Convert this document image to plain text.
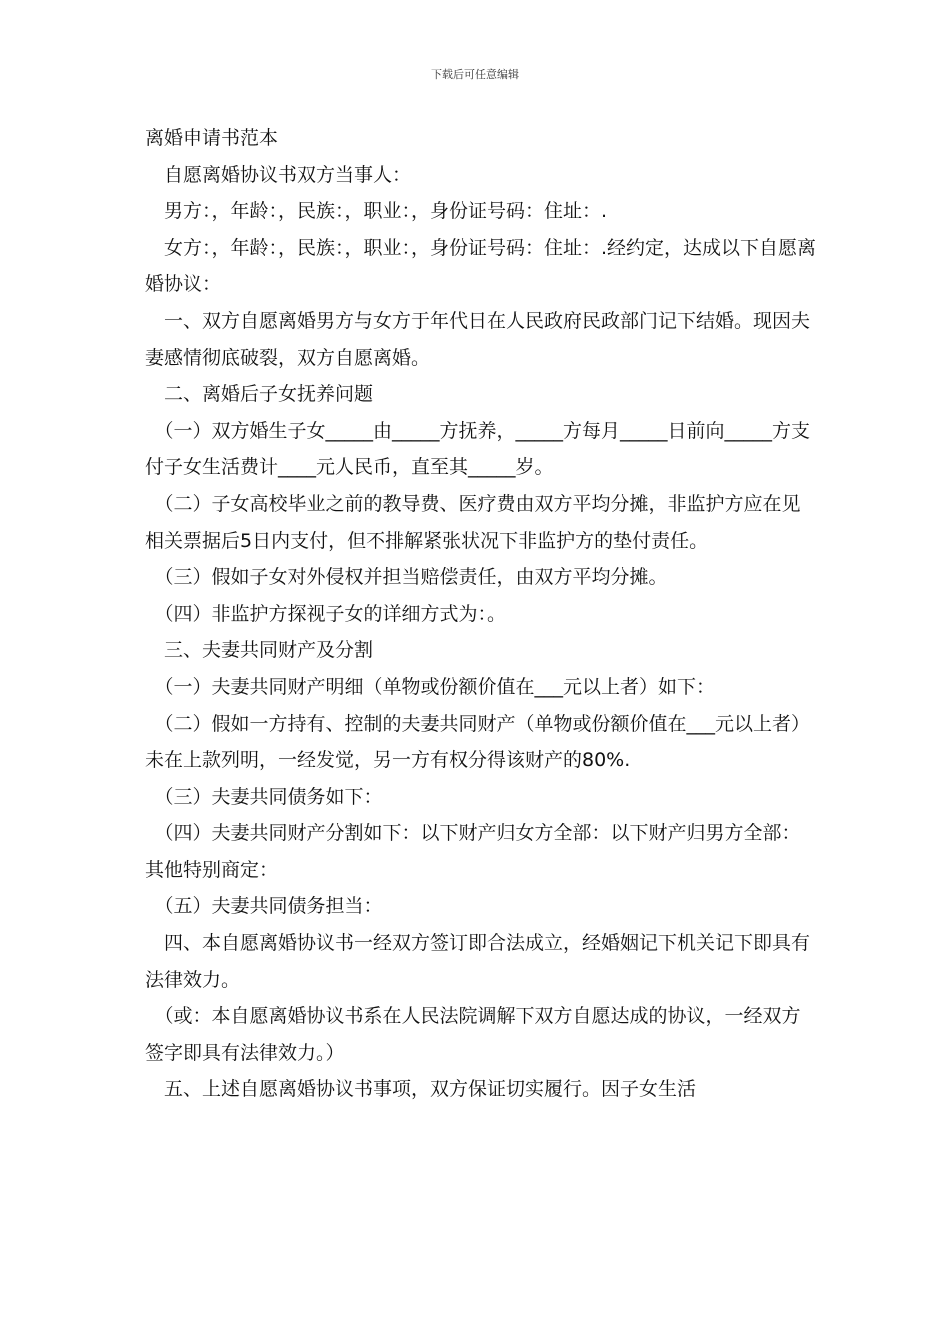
下载后可任意编辑

离婚申请书范本

　自愿离婚协议书双方当事人：

　男方：，年龄：，民族：，职业：，身份证号码：住址：.

　女方：，年龄：，民族：，职业：，身份证号码：住址：.经约定，达成以下自愿离婚协议：

　一、双方自愿离婚男方与女方于年代日在人民政府民政部门记下结婚。现因夫妻感情彻底破裂，双方自愿离婚。

　二、离婚后子女抚养问题

　（一）双方婚生子女_____由_____方抚养，_____方每月_____日前向_____方支付子女生活费计____元人民币，直至其_____岁。

　（二）子女高校毕业之前的教导费、医疗费由双方平均分摊，非监护方应在见相关票据后5日内支付，但不排解紧张状况下非监护方的垫付责任。

　（三）假如子女对外侵权并担当赔偿责任，由双方平均分摊。

　（四）非监护方探视子女的详细方式为：。

　三、夫妻共同财产及分割

　（一）夫妻共同财产明细（单物或份额价值在___元以上者）如下：

　（二）假如一方持有、控制的夫妻共同财产（单物或份额价值在___元以上者）未在上款列明，一经发觉，另一方有权分得该财产的80%.

　（三）夫妻共同债务如下：

　（四）夫妻共同财产分割如下：以下财产归女方全部：以下财产归男方全部：其他特别商定：

　（五）夫妻共同债务担当：

　四、本自愿离婚协议书一经双方签订即合法成立，经婚姻记下机关记下即具有法律效力。

　（或：本自愿离婚协议书系在人民法院调解下双方自愿达成的协议，一经双方签字即具有法律效力。）

　五、上述自愿离婚协议书事项，双方保证切实履行。因子女生活
